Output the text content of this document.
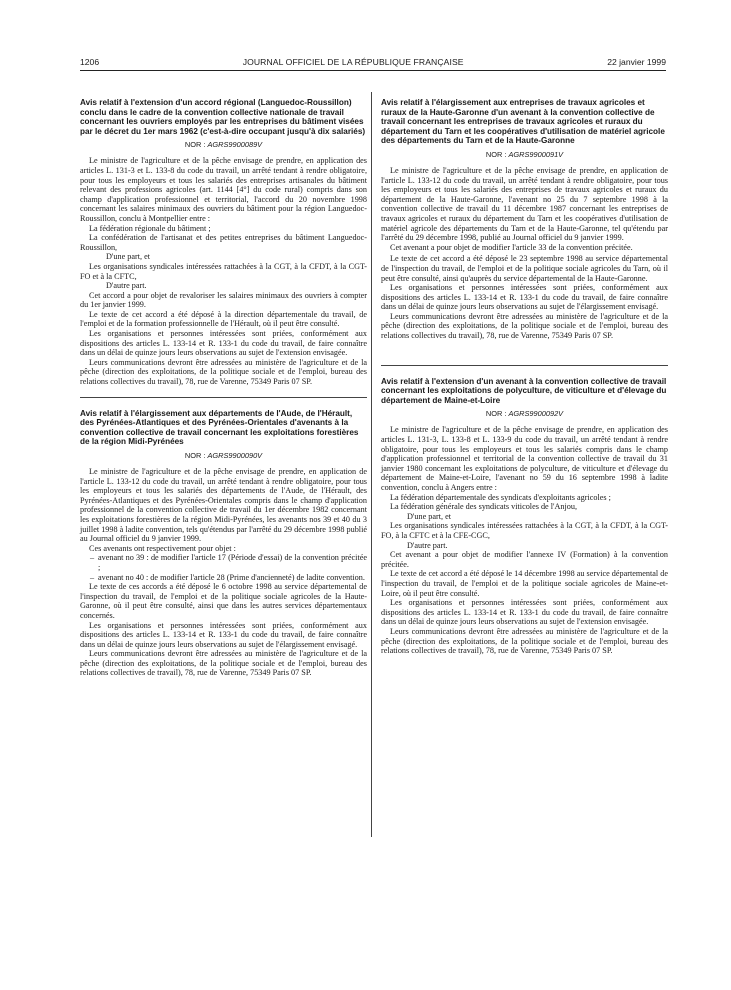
1206	JOURNAL OFFICIEL DE LA RÉPUBLIQUE FRANÇAISE	22 janvier 1999
Avis relatif à l'extension d'un accord régional (Languedoc-Roussillon) conclu dans le cadre de la convention collective nationale de travail concernant les ouvriers employés par les entreprises du bâtiment visées par le décret du 1er mars 1962 (c'est-à-dire occupant jusqu'à dix salariés)
NOR : AGRS9900089V

Le ministre de l'agriculture et de la pêche envisage de prendre, en application des articles L. 131-3 et L. 133-8 du code du travail, un arrêté tendant à rendre obligatoire, pour tous les employeurs et tous les salariés des entreprises artisanales du bâtiment relevant des professions agricoles (art. 1144 [4°] du code rural) compris dans son champ d'application professionnel et territorial, l'accord du 20 novembre 1998 concernant les salaires minimaux des ouvriers du bâtiment pour la région Languedoc-Roussillon, conclu à Montpellier entre :

La fédération régionale du bâtiment ;

La confédération de l'artisanat et des petites entreprises du bâtiment Languedoc-Roussillon,

D'une part, et

Les organisations syndicales intéressées rattachées à la CGT, à la CFDT, à la CGT-FO et à la CFTC,

D'autre part.

Cet accord a pour objet de revaloriser les salaires minimaux des ouvriers à compter du 1er janvier 1999.

Le texte de cet accord a été déposé à la direction départementale du travail, de l'emploi et de la formation professionnelle de l'Hérault, où il peut être consulté.

Les organisations et personnes intéressées sont priées, conformément aux dispositions des articles L. 133-14 et R. 133-1 du code du travail, de faire connaître dans un délai de quinze jours leurs observations au sujet de l'extension envisagée.

Leurs communications devront être adressées au ministère de l'agriculture et de la pêche (direction des exploitations, de la politique sociale et de l'emploi, bureau des relations collectives du travail), 78, rue de Varenne, 75349 Paris 07 SP.

Avis relatif à l'élargissement aux départements de l'Aude, de l'Hérault, des Pyrénées-Atlantiques et des Pyrénées-Orientales d'avenants à la convention collective de travail concernant les exploitations forestières de la région Midi-Pyrénées
NOR : AGRS9900090V

Le ministre de l'agriculture et de la pêche envisage de prendre, en application de l'article L. 133-12 du code du travail, un arrêté tendant à rendre obligatoire, pour tous les employeurs et tous les salariés des départements de l'Aude, de l'Hérault, des Pyrénées-Atlantiques et des Pyrénées-Orientales compris dans le champ d'application professionnel de la convention collective de travail du 1er décembre 1982 concernant les exploitations forestières de la région Midi-Pyrénées, les avenants nos 39 et 40 du 3 juillet 1998 à ladite convention, tels qu'étendus par l'arrêté du 29 décembre 1998 publié au Journal officiel du 9 janvier 1999.

Ces avenants ont respectivement pour objet :

– avenant no 39 : de modifier l'article 17 (Période d'essai) de la convention précitée ;

– avenant no 40 : de modifier l'article 28 (Prime d'ancienneté) de ladite convention.

Le texte de ces accords a été déposé le 6 octobre 1998 au service départemental de l'inspection du travail, de l'emploi et de la politique sociale agricoles de la Haute-Garonne, où il peut être consulté, ainsi que dans les autres services départementaux concernés.

Les organisations et personnes intéressées sont priées, conformément aux dispositions des articles L. 133-14 et R. 133-1 du code du travail, de faire connaître dans un délai de quinze jours leurs observations au sujet de l'élargissement envisagé.

Leurs communications devront être adressées au ministère de l'agriculture et de la pêche (direction des exploitations, de la politique sociale et de l'emploi, bureau des relations collectives de travail), 78, rue de Varenne, 75349 Paris 07 SP.

Avis relatif à l'élargissement aux entreprises de travaux agricoles et ruraux de la Haute-Garonne d'un avenant à la convention collective de travail concernant les entreprises de travaux agricoles et ruraux du département du Tarn et les coopératives d'utilisation de matériel agricole des départements du Tarn et de la Haute-Garonne
NOR : AGRS9900091V

Le ministre de l'agriculture et de la pêche envisage de prendre, en application de l'article L. 133-12 du code du travail, un arrêté tendant à rendre obligatoire, pour tous les employeurs et tous les salariés des entreprises de travaux agricoles et ruraux du département de la Haute-Garonne, l'avenant no 25 du 7 septembre 1998 à la convention collective de travail du 11 décembre 1987 concernant les entreprises de travaux agricoles et ruraux du département du Tarn et les coopératives d'utilisation de matériel agricole des départements du Tarn et de la Haute-Garonne, tel qu'étendu par l'arrêté du 29 décembre 1998, publié au Journal officiel du 9 janvier 1999.

Cet avenant a pour objet de modifier l'article 33 de la convention précitée.

Le texte de cet accord a été déposé le 23 septembre 1998 au service départemental de l'inspection du travail, de l'emploi et de la politique sociale agricoles du Tarn, où il peut être consulté, ainsi qu'auprès du service départemental de la Haute-Garonne.

Les organisations et personnes intéressées sont priées, conformément aux dispositions des articles L. 133-14 et R. 133-1 du code du travail, de faire connaître dans un délai de quinze jours leurs observations au sujet de l'élargissement envisagé.

Leurs communications devront être adressées au ministère de l'agriculture et de la pêche (direction des exploitations, de la politique sociale et de l'emploi, bureau des relations collectives du travail), 78, rue de Varenne, 75349 Paris 07 SP.

Avis relatif à l'extension d'un avenant à la convention collective de travail concernant les exploitations de polyculture, de viticulture et d'élevage du département de Maine-et-Loire
NOR : AGRS9900092V

Le ministre de l'agriculture et de la pêche envisage de prendre, en application des articles L. 131-3, L. 133-8 et L. 133-9 du code du travail, un arrêté tendant à rendre obligatoire, pour tous les employeurs et tous les salariés compris dans le champ d'application professionnel et territorial de la convention collective de travail du 31 janvier 1980 concernant les exploitations de polyculture, de viticulture et d'élevage du département de Maine-et-Loire, l'avenant no 59 du 16 septembre 1998 à ladite convention, conclu à Angers entre :

La fédération départementale des syndicats d'exploitants agricoles ;

La fédération générale des syndicats viticoles de l'Anjou,

D'une part, et

Les organisations syndicales intéressées rattachées à la CGT, à la CFDT, à la CGT-FO, à la CFTC et à la CFE-CGC,

D'autre part.

Cet avenant a pour objet de modifier l'annexe IV (Formation) à la convention précitée.

Le texte de cet accord a été déposé le 14 décembre 1998 au service départemental de l'inspection du travail, de l'emploi et de la politique sociale agricoles de Maine-et-Loire, où il peut être consulté.

Les organisations et personnes intéressées sont priées, conformément aux dispositions des articles L. 133-14 et R. 133-1 du code du travail, de faire connaître dans un délai de quinze jours leurs observations au sujet de l'extension envisagée.

Leurs communications devront être adressées au ministère de l'agriculture et de la pêche (direction des exploitations, de la politique sociale et de l'emploi, bureau des relations collectives de travail), 78, rue de Varenne, 75349 Paris 07 SP.
